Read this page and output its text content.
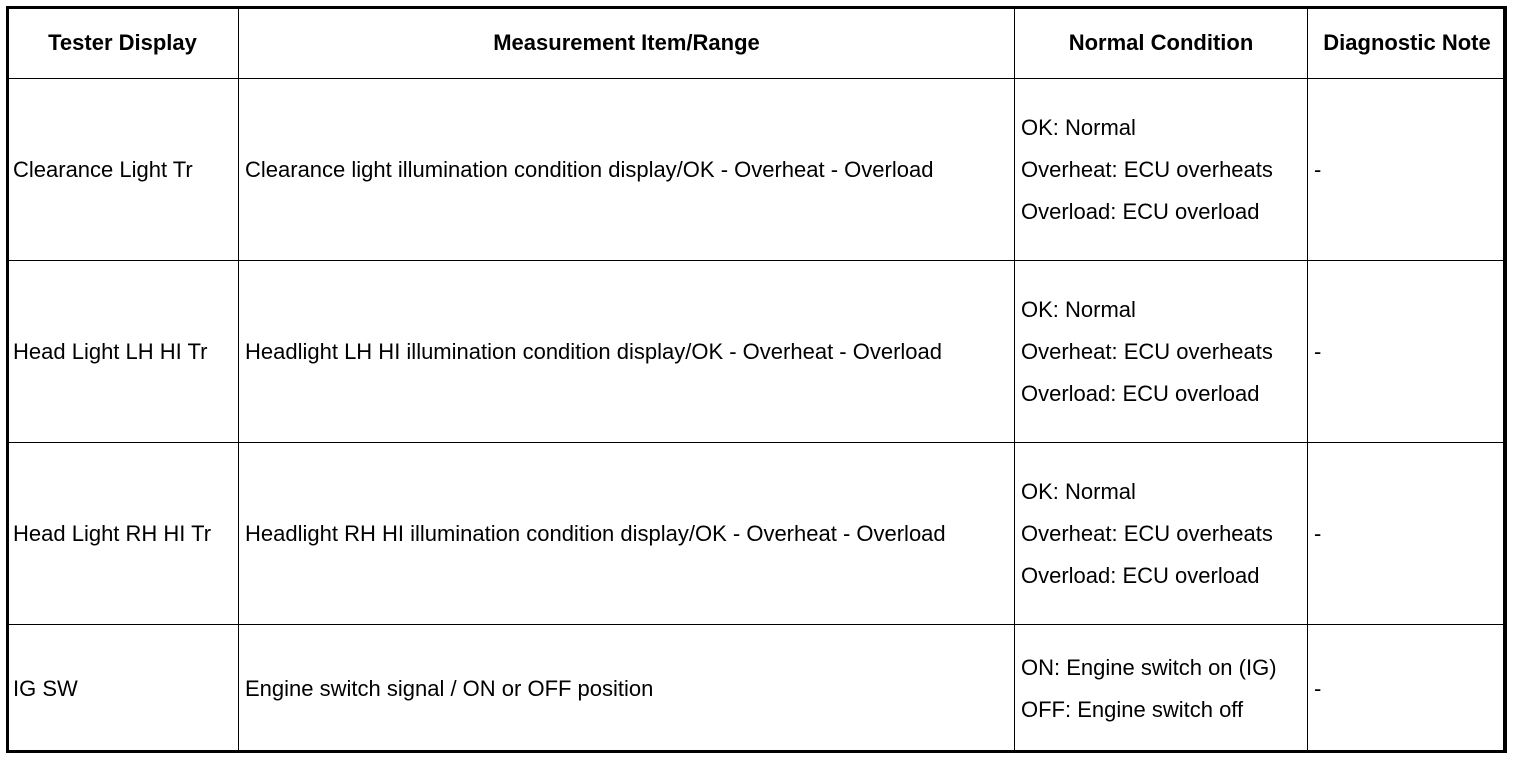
Tester Display	Measurement Item/Range	Normal Condition	Diagnostic Note
Clearance Light Tr	Clearance light illumination condition display/OK - Overheat - Overload	OK: Normal
Overheat: ECU overheats
Overload: ECU overload	-
Head Light LH HI Tr	Headlight LH HI illumination condition display/OK - Overheat - Overload	OK: Normal
Overheat: ECU overheats
Overload: ECU overload	-
Head Light RH HI Tr	Headlight RH HI illumination condition display/OK - Overheat - Overload	OK: Normal
Overheat: ECU overheats
Overload: ECU overload	-
IG SW	Engine switch signal / ON or OFF position	ON: Engine switch on (IG)
OFF: Engine switch off	-
